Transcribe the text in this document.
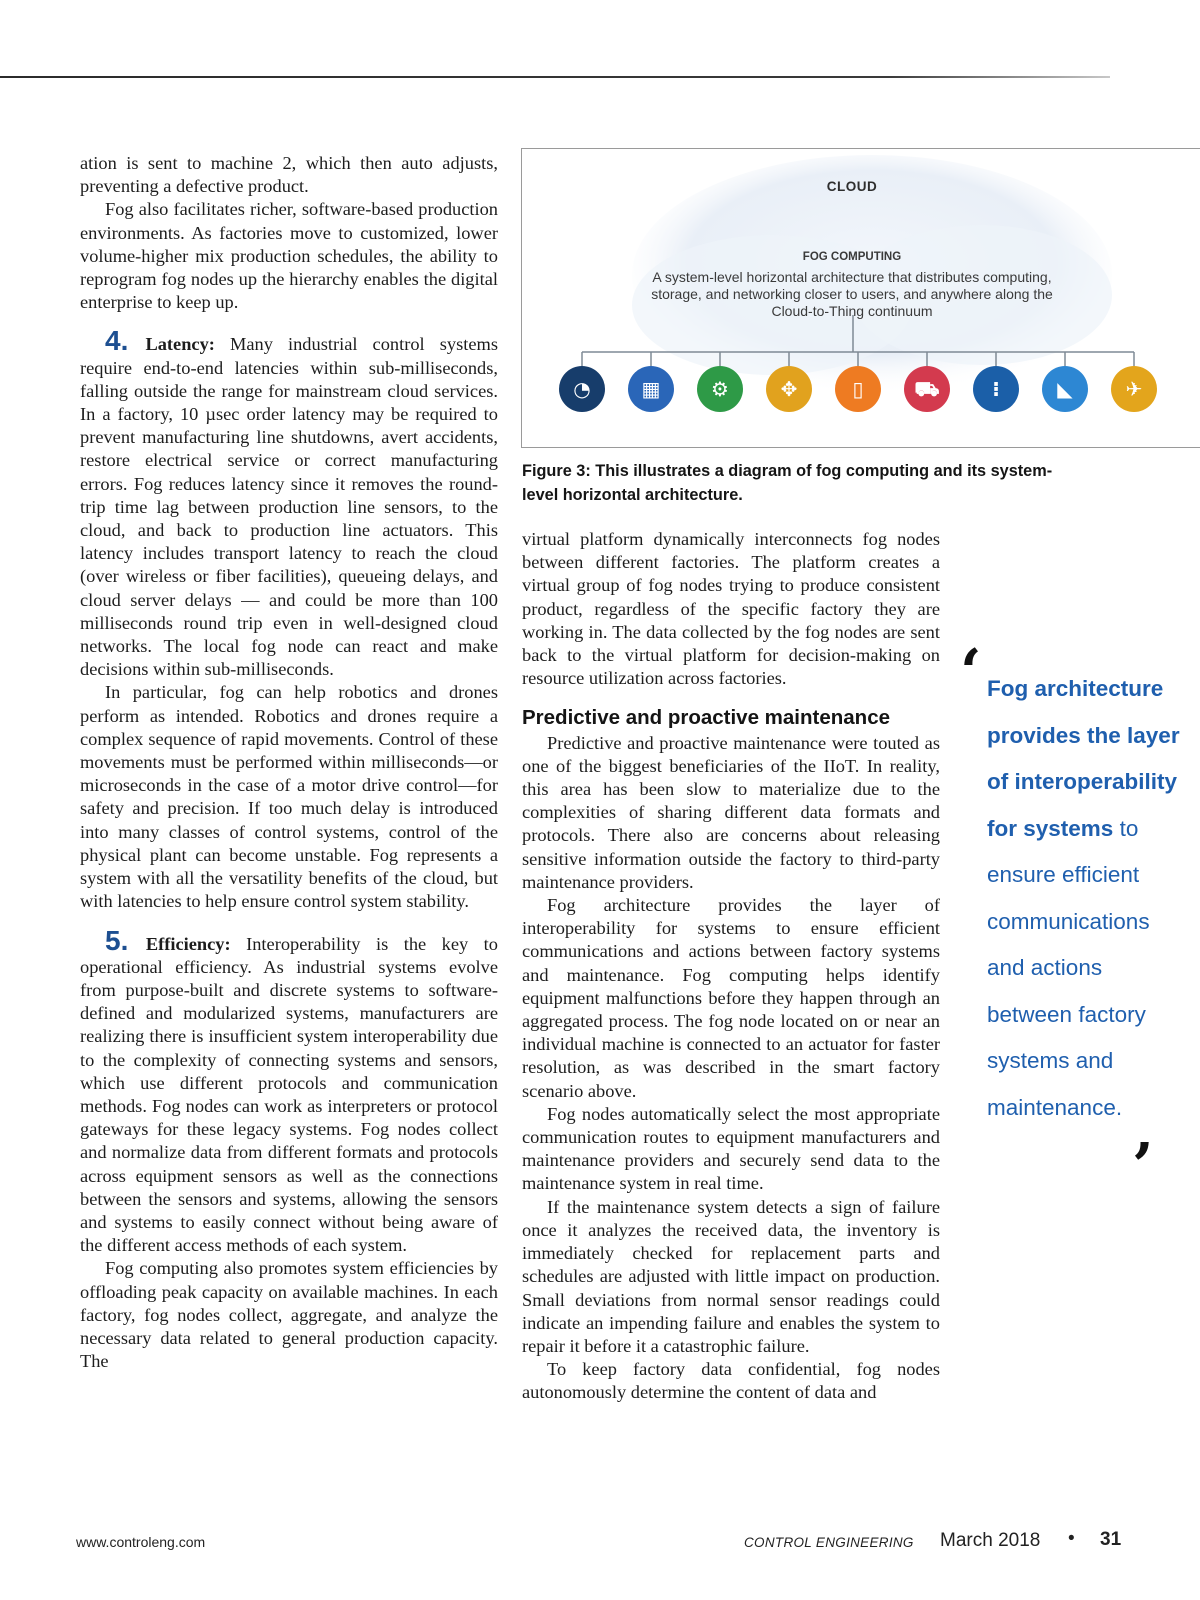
ation is sent to machine 2, which then auto adjusts, preventing a defective product.

Fog also facilitates richer, software-based production environments. As factories move to customized, lower volume-higher mix production schedules, the ability to reprogram fog nodes up the hierarchy enables the digital enterprise to keep up.

4. Latency: Many industrial control systems require end-to-end latencies within sub-milliseconds, falling outside the range for mainstream cloud services. In a factory, 10 µsec order latency may be required to prevent manufacturing line shutdowns, avert accidents, restore electrical service or correct manufacturing errors. Fog reduces latency since it removes the round-trip time lag between production line sensors, to the cloud, and back to production line actuators. This latency includes transport latency to reach the cloud (over wireless or fiber facilities), queueing delays, and cloud server delays — and could be more than 100 milliseconds round trip even in well-designed cloud networks. The local fog node can react and make decisions within sub-milliseconds.

In particular, fog can help robotics and drones perform as intended. Robotics and drones require a complex sequence of rapid movements. Control of these movements must be performed within milliseconds—or microseconds in the case of a motor drive control—for safety and precision. If too much delay is introduced into many classes of control systems, control of the physical plant can become unstable. Fog represents a system with all the versatility benefits of the cloud, but with latencies to help ensure control system stability.

5. Efficiency: Interoperability is the key to operational efficiency. As industrial systems evolve from purpose-built and discrete systems to software-defined and modularized systems, manufacturers are realizing there is insufficient system interoperability due to the complexity of connecting systems and sensors, which use different protocols and communication methods. Fog nodes can work as interpreters or protocol gateways for these legacy systems. Fog nodes collect and normalize data from different formats and protocols across equipment sensors as well as the connections between the sensors and systems, allowing the sensors and systems to easily connect without being aware of the different access methods of each system.

Fog computing also promotes system efficiencies by offloading peak capacity on available machines. In each factory, fog nodes collect, aggregate, and analyze the necessary data related to general production capacity. The

CLOUD
FOG COMPUTING
A system-level horizontal architecture that distributes computing, storage, and networking closer to users, and anywhere along the Cloud-to-Thing continuum
◔	▦	⚙	✥	▯	⛟	⁝	◣	✈
Figure 3: This illustrates a diagram of fog computing and its system-level horizontal architecture.

virtual platform dynamically interconnects fog nodes between different factories. The platform creates a virtual group of fog nodes trying to produce consistent product, regardless of the specific factory they are working in. The data collected by the fog nodes are sent back to the virtual platform for decision-making on resource utilization across factories.

Predictive and proactive maintenance

Predictive and proactive maintenance were touted as one of the biggest beneficiaries of the IIoT. In reality, this area has been slow to materialize due to the complexities of sharing different data formats and protocols. There also are concerns about releasing sensitive information outside the factory to third-party maintenance providers.

Fog architecture provides the layer of interoperability for systems to ensure efficient communications and actions between factory systems and maintenance. Fog computing helps identify equipment malfunctions before they happen through an aggregated process. The fog node located on or near an individual machine is connected to an actuator for faster resolution, as was described in the smart factory scenario above.

Fog nodes automatically select the most appropriate communication routes to equipment manufacturers and maintenance providers and securely send data to the maintenance system in real time.

If the maintenance system detects a sign of failure once it analyzes the received data, the inventory is immediately checked for replacement parts and schedules are adjusted with little impact on production. Small deviations from normal sensor readings could indicate an impending failure and enables the system to repair it before it a catastrophic failure.

To keep factory data confidential, fog nodes autonomously determine the content of data and

‘ Fog architecture provides the layer of interoperability for systems to ensure efficient communications and actions between factory systems and maintenance.
’
www.controleng.com	CONTROL ENGINEERING March 2018 • 31
